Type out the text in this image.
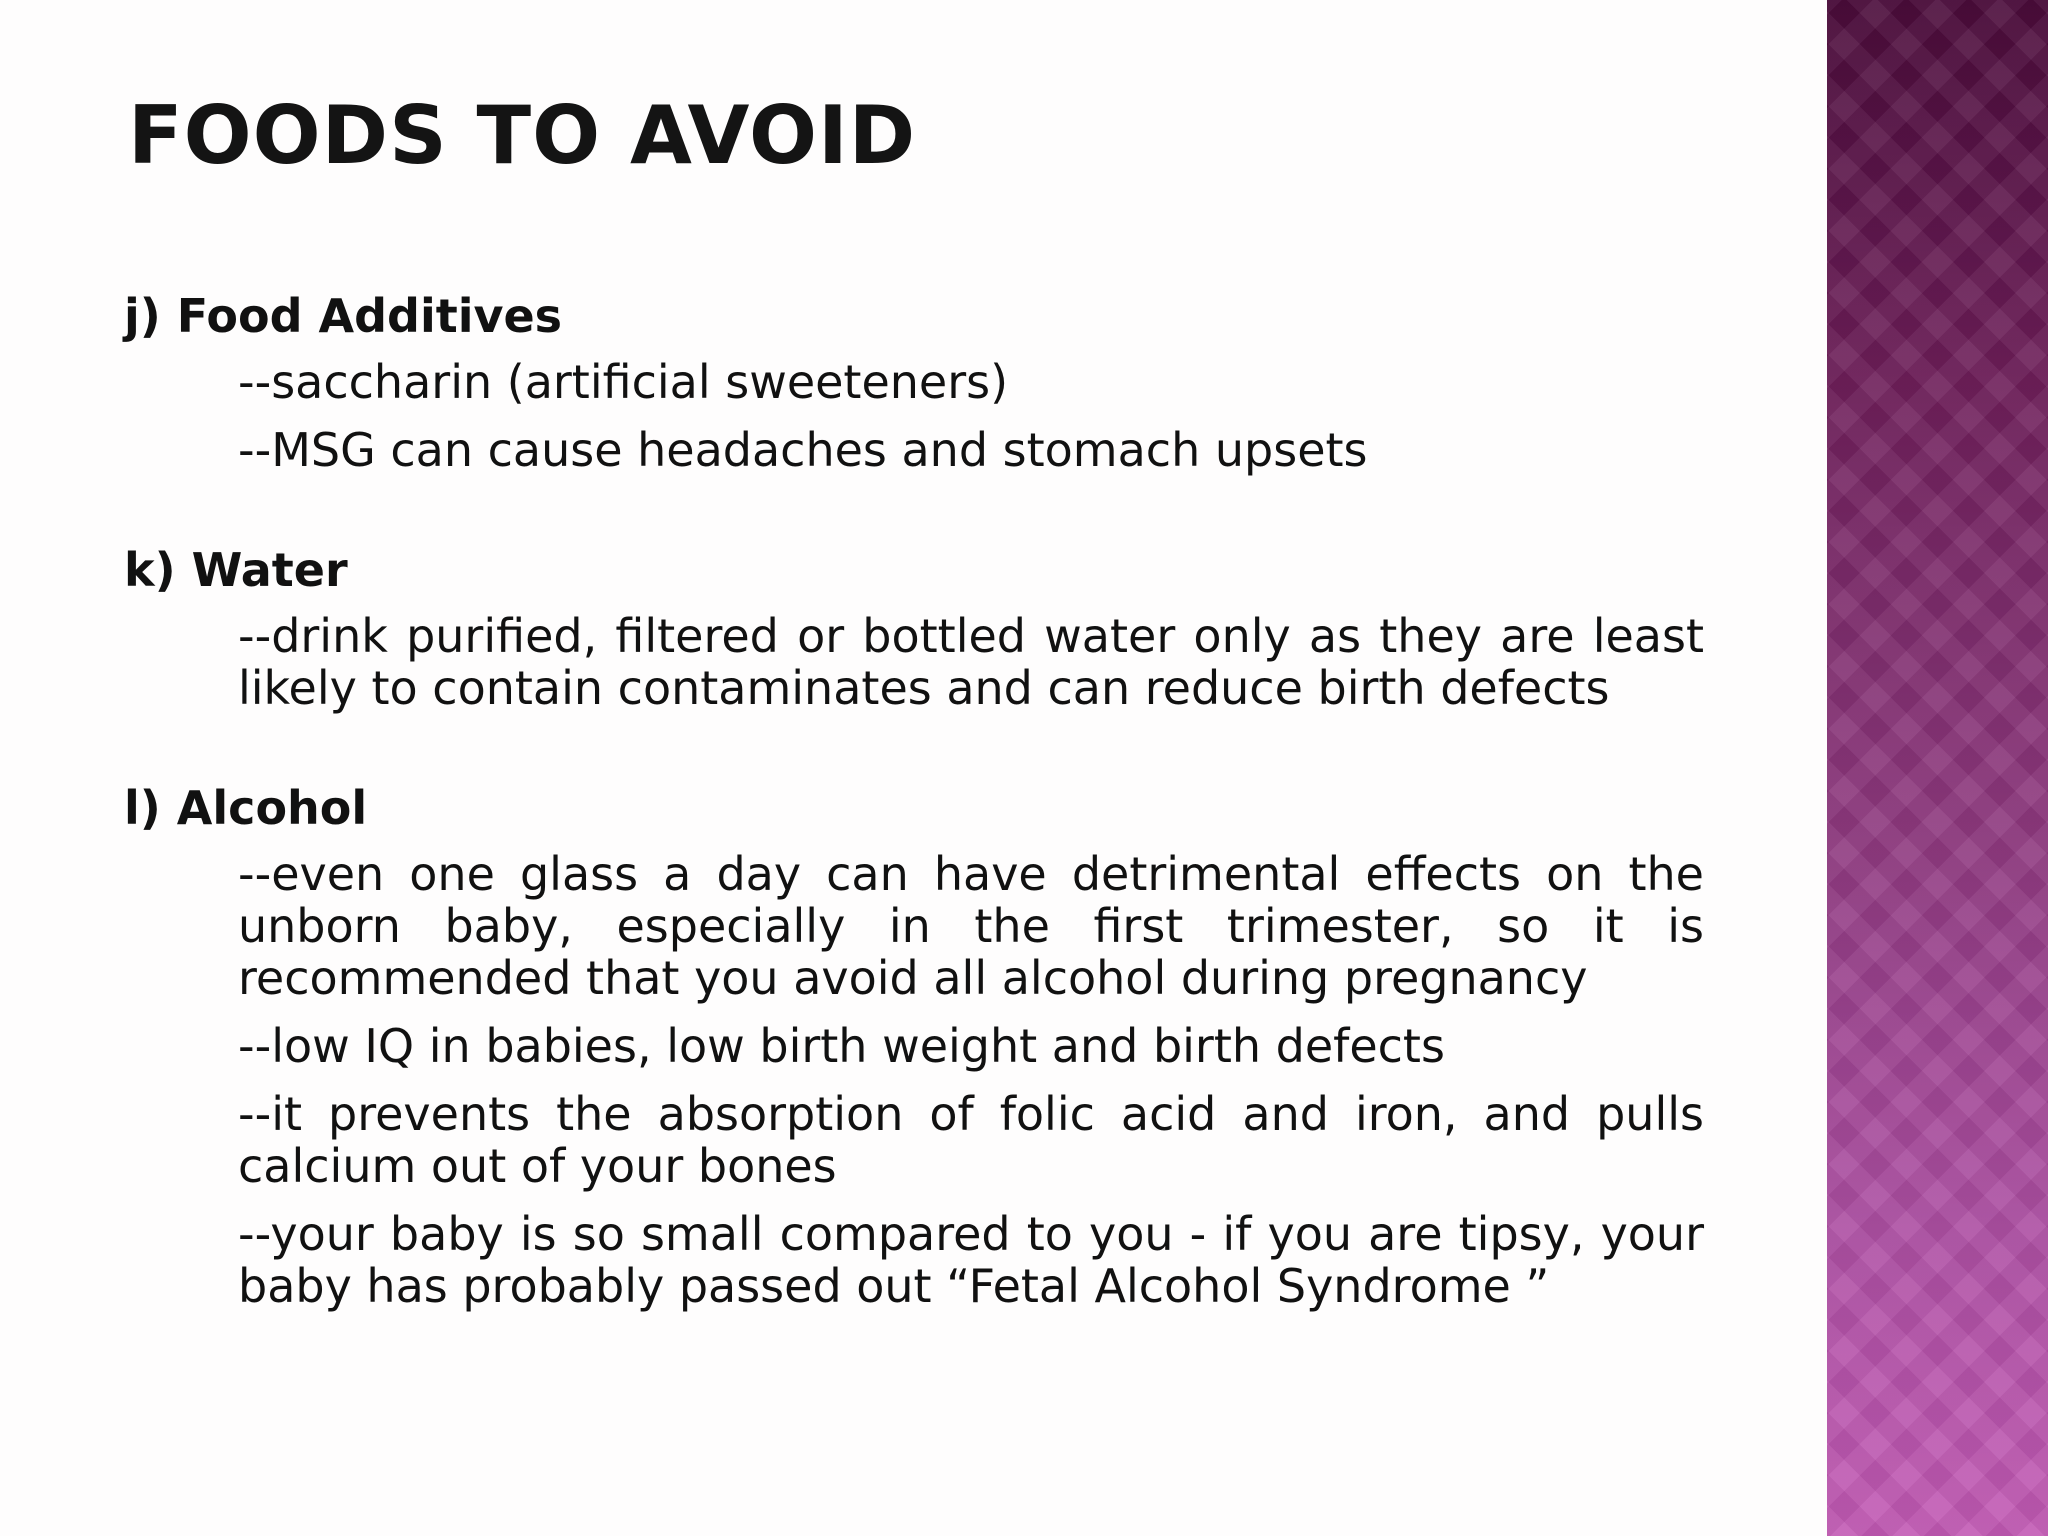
FOODS TO AVOID
j) Food Additives
--saccharin (artificial sweeteners)
--MSG can cause headaches and stomach upsets
k) Water
--drink purified, filtered or bottled water only as they are least likely to contain contaminates and can reduce birth defects
l) Alcohol
--even one glass a day can have detrimental effects on the unborn baby, especially in the first trimester, so it is recommended that you avoid all alcohol during pregnancy
--low IQ in babies, low birth weight and birth defects
--it prevents the absorption of folic acid and iron, and pulls calcium out of your bones
--your baby is so small compared to you - if you are tipsy, your baby has probably passed out “Fetal Alcohol Syndrome ”
